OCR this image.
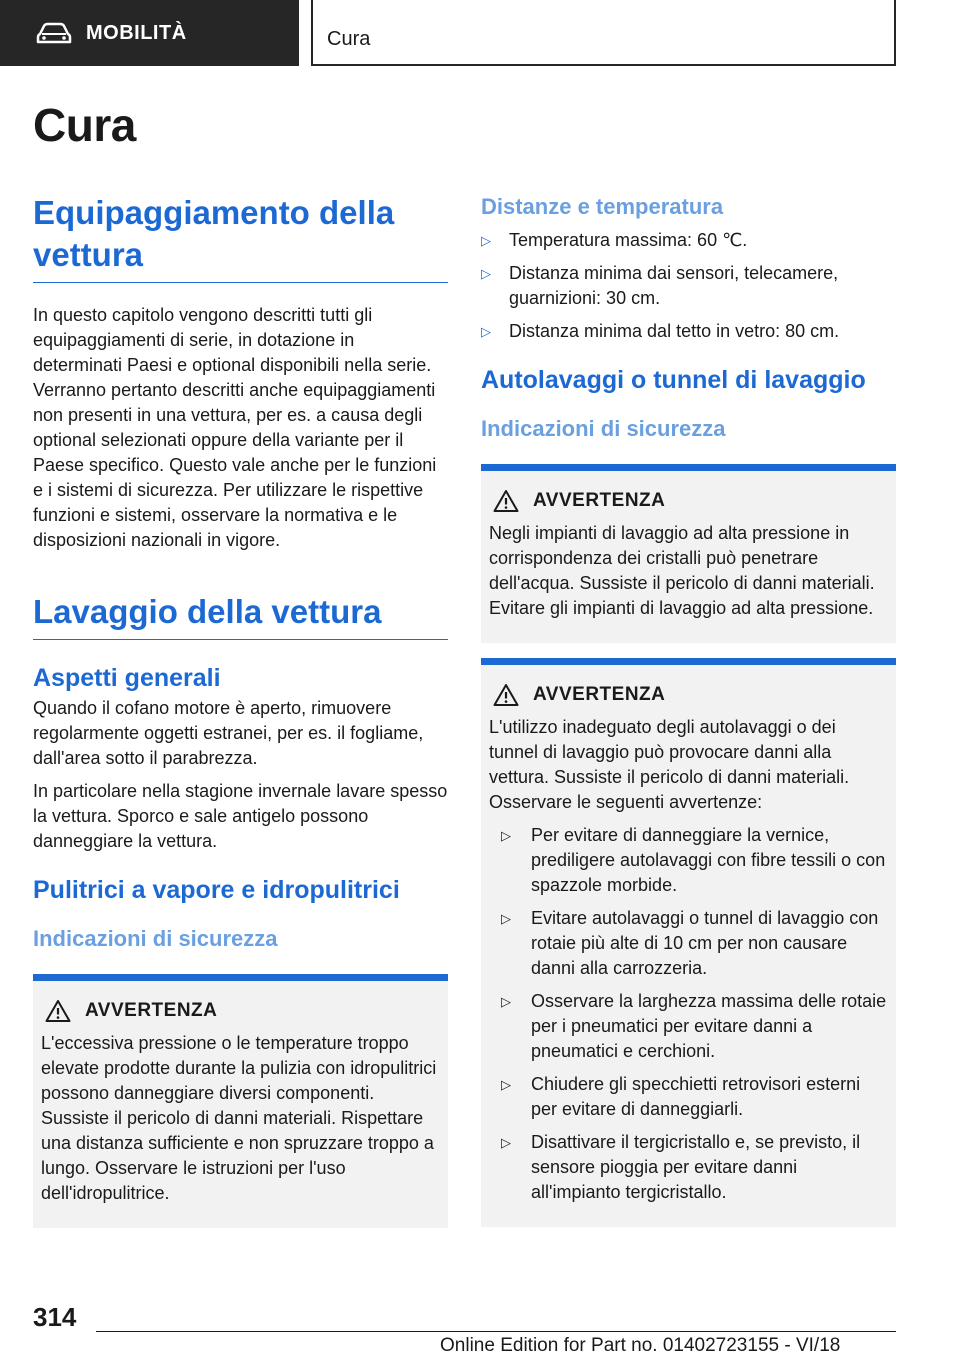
MOBILITÀ	Cura
Cura
Equipaggiamento della vettura

In questo capitolo vengono descritti tutti gli equipaggiamenti di serie, in dotazione in determinati Paesi e optional disponibili nella serie. Verranno pertanto descritti anche equipaggiamenti non presenti in una vettura, per es. a causa degli optional selezionati oppure della variante per il Paese specifico. Questo vale anche per le funzioni e i sistemi di sicurezza. Per utilizzare le rispettive funzioni e sistemi, osservare la normativa e le disposizioni nazionali in vigore.

Lavaggio della vettura
Aspetti generali

Quando il cofano motore è aperto, rimuovere regolarmente oggetti estranei, per es. il fogliame, dall'area sotto il parabrezza.

In particolare nella stagione invernale lavare spesso la vettura. Sporco e sale antigelo possono danneggiare la vettura.

Pulitrici a vapore e idropulitrici
Indicazioni di sicurezza
AVVERTENZA

L'eccessiva pressione o le temperature troppo elevate prodotte durante la pulizia con idropulitrici possono danneggiare diversi componenti. Sussiste il pericolo di danni materiali. Rispettare una distanza sufficiente e non spruzzare troppo a lungo. Osservare le istruzioni per l'uso dell'idropulitrice.

Distanze e temperatura
▷	Temperatura massima: 60 ℃.
▷	Distanza minima dai sensori, telecamere, guarnizioni: 30 cm.
▷	Distanza minima dal tetto in vetro: 80 cm.
Autolavaggi o tunnel di lavaggio
Indicazioni di sicurezza
AVVERTENZA

Negli impianti di lavaggio ad alta pressione in corrispondenza dei cristalli può penetrare dell'acqua. Sussiste il pericolo di danni materiali. Evitare gli impianti di lavaggio ad alta pressione.

AVVERTENZA

L'utilizzo inadeguato degli autolavaggi o dei tunnel di lavaggio può provocare danni alla vettura. Sussiste il pericolo di danni materiali. Osservare le seguenti avvertenze:

▷	Per evitare di danneggiare la vernice, prediligere autolavaggi con fibre tessili o con spazzole morbide.
▷	Evitare autolavaggi o tunnel di lavaggio con rotaie più alte di 10 cm per non causare danni alla carrozzeria.
▷	Osservare la larghezza massima delle rotaie per i pneumatici per evitare danni a pneumatici e cerchioni.
▷	Chiudere gli specchietti retrovisori esterni per evitare di danneggiarli.
▷	Disattivare il tergicristallo e, se previsto, il sensore pioggia per evitare danni all'impianto tergicristallo.
314
Online Edition for Part no. 01402723155 - VI/18
